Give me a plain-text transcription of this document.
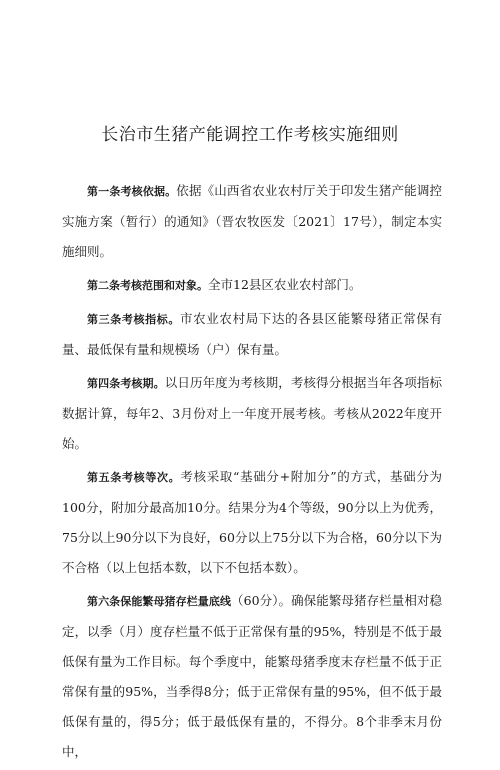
长治市生猪产能调控工作考核实施细则

第一条考核依据。依据《山西省农业农村厅关于印发生猪产能调控实施方案（暂行）的通知》（晋农牧医发〔2021〕17号），制定本实施细则。

第二条考核范围和对象。全市12县区农业农村部门。

第三条考核指标。市农业农村局下达的各县区能繁母猪正常保有量、最低保有量和规模场（户）保有量。

第四条考核期。以日历年度为考核期，考核得分根据当年各项指标数据计算，每年2、3月份对上一年度开展考核。考核从2022年度开始。

第五条考核等次。考核采取“基础分+附加分”的方式，基础分为100分，附加分最高加10分。结果分为4个等级，90分以上为优秀，75分以上90分以下为良好，60分以上75分以下为合格，60分以下为不合格（以上包括本数，以下不包括本数）。

第六条保能繁母猪存栏量底线（60分）。确保能繁母猪存栏量相对稳定，以季（月）度存栏量不低于正常保有量的95%，特别是不低于最低保有量为工作目标。每个季度中，能繁母猪季度末存栏量不低于正常保有量的95%，当季得8分；低于正常保有量的95%，但不低于最低保有量的，得5分；低于最低保有量的，不得分。8个非季末月份中，
